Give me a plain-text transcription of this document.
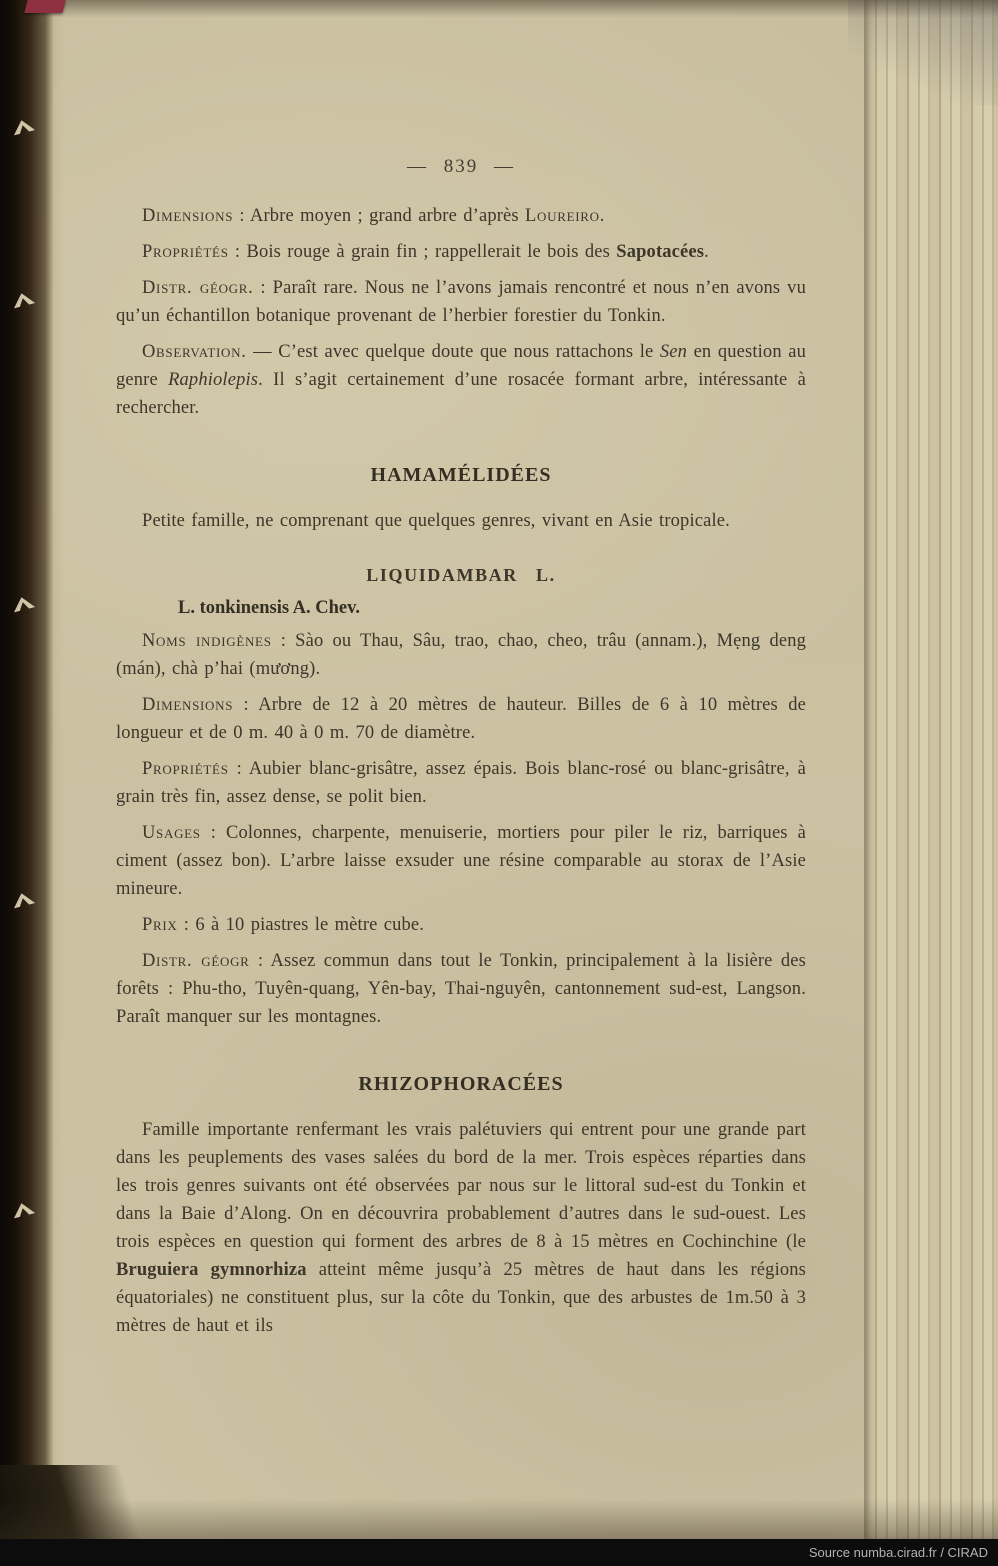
— 839 —

Dimensions : Arbre moyen ; grand arbre d’après Loureiro.

Propriétés : Bois rouge à grain fin ; rappellerait le bois des Sapotacées.

Distr. géogr. : Paraît rare. Nous ne l’avons jamais rencontré et nous n’en avons vu qu’un échantillon botanique provenant de l’herbier forestier du Tonkin.

Observation. — C’est avec quelque doute que nous rattachons le Sen en question au genre Raphiolepis. Il s’agit certainement d’une rosacée formant arbre, intéressante à rechercher.

HAMAMÉLIDÉES

Petite famille, ne comprenant que quelques genres, vivant en Asie tropicale.

LIQUIDAMBAR L.
L. tonkinensis A. Chev.

Noms indigènes : Sào ou Thau, Sâu, trao, chao, cheo, trâu (annam.), Mẹng deng (mán), chà p’hai (mương).

Dimensions : Arbre de 12 à 20 mètres de hauteur. Billes de 6 à 10 mètres de longueur et de 0 m. 40 à 0 m. 70 de diamètre.

Propriétés : Aubier blanc-grisâtre, assez épais. Bois blanc-rosé ou blanc-grisâtre, à grain très fin, assez dense, se polit bien.

Usages : Colonnes, charpente, menuiserie, mortiers pour piler le riz, barriques à ciment (assez bon). L’arbre laisse exsuder une résine comparable au storax de l’Asie mineure.

Prix : 6 à 10 piastres le mètre cube.

Distr. géogr : Assez commun dans tout le Tonkin, principalement à la lisière des forêts : Phu-tho, Tuyên-quang, Yên-bay, Thai-nguyên, cantonnement sud-est, Langson. Paraît manquer sur les montagnes.

RHIZOPHORACÉES

Famille importante renfermant les vrais palétuviers qui entrent pour une grande part dans les peuplements des vases salées du bord de la mer. Trois espèces réparties dans les trois genres suivants ont été observées par nous sur le littoral sud-est du Tonkin et dans la Baie d’Along. On en découvrira probablement d’autres dans le sud-ouest. Les trois espèces en question qui forment des arbres de 8 à 15 mètres en Cochinchine (le Bruguiera gymnorhiza atteint même jusqu’à 25 mètres de haut dans les régions équatoriales) ne constituent plus, sur la côte du Tonkin, que des arbustes de 1m.50 à 3 mètres de haut et ils

Source numba.cirad.fr / CIRAD
